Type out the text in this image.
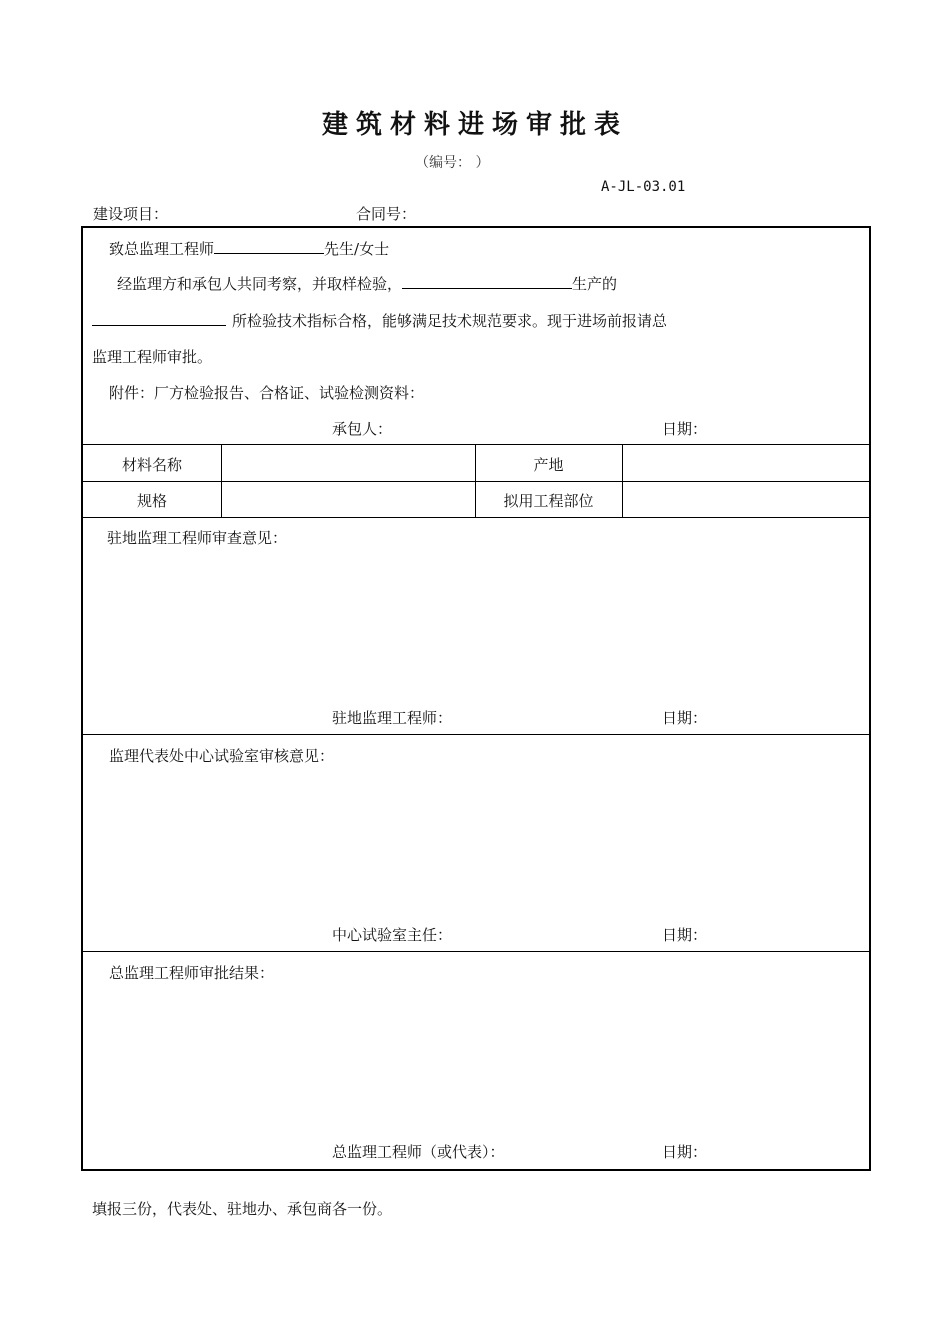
建筑材料进场审批表
（编号： ）
A-JL-03.01
建设项目：	合同号：
致总监理工程师	先生/女士
经监理方和承包人共同考察，并取样检验，	生产的
所检验技术指标合格，能够满足技术规范要求。现于进场前报请总
监理工程师审批。
附件：厂方检验报告、合格证、试验检测资料：
承包人：	日期：
材料名称	产地
规格	拟用工程部位
驻地监理工程师审查意见：
驻地监理工程师：	日期：
监理代表处中心试验室审核意见：
中心试验室主任：	日期：
总监理工程师审批结果：
总监理工程师（或代表）：	日期：
填报三份，代表处、驻地办、承包商各一份。
